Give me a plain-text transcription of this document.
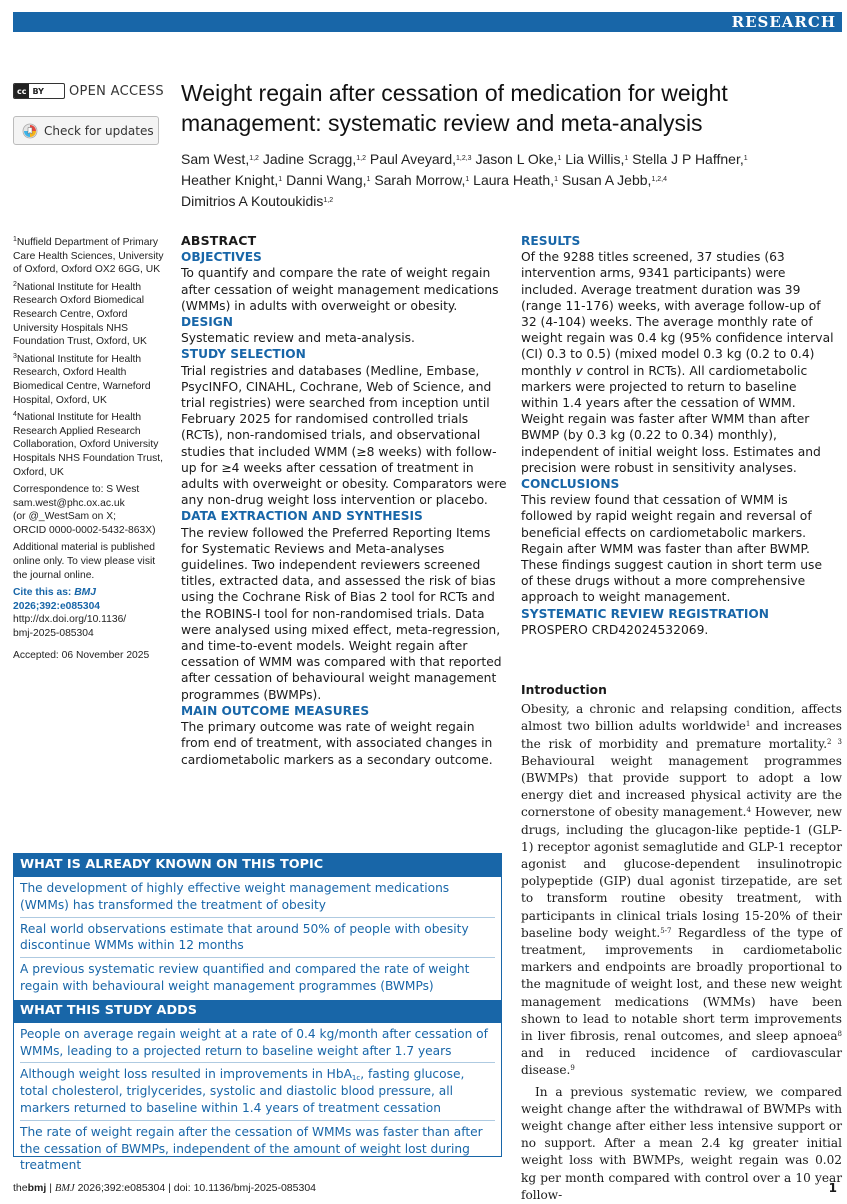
RESEARCH
cc BY OPEN ACCESS
Check for updates
Weight regain after cessation of medication for weight management: systematic review and meta-analysis
Sam West,$^{1,2}$ Jadine Scragg,$^{1,2}$ Paul Aveyard,$^{1,2,3}$ Jason L Oke,$^1$ Lia Willis,$^1$ Stella J P Haffner,$^1$
Heather Knight,$^1$ Danni Wang,$^1$ Sarah Morrow,$^1$ Laura Heath,$^1$ Susan A Jebb,$^{1,2,4}$
Dimitrios A Koutoukidis$^{1,2}$

$^1$Nuffield Department of Primary Care Health Sciences, University of Oxford, Oxford OX2 6GG, UK

$^2$National Institute for Health Research Oxford Biomedical Research Centre, Oxford University Hospitals NHS Foundation Trust, Oxford, UK

$^3$National Institute for Health Research, Oxford Health Biomedical Centre, Warneford Hospital, Oxford, UK

$^4$National Institute for Health Research Applied Research Collaboration, Oxford University Hospitals NHS Foundation Trust, Oxford, UK

Correspondence to: S West
sam.west@phc.ox.ac.uk
(or @_WestSam on X;
ORCID 0000-0002-5432-863X)

Additional material is published online only. To view please visit the journal online.

Cite this as: BMJ 2026;392:e085304
http://dx.doi.org/10.1136/
bmj-2025-085304

Accepted: 06 November 2025

ABSTRACT

OBJECTIVES

To quantify and compare the rate of weight regain after cessation of weight management medications (WMMs) in adults with overweight or obesity.

DESIGN

Systematic review and meta-analysis.

STUDY SELECTION

Trial registries and databases (Medline, Embase, PsycINFO, CINAHL, Cochrane, Web of Science, and trial registries) were searched from inception until February 2025 for randomised controlled trials (RCTs), non-randomised trials, and observational studies that included WMM (≥8 weeks) with follow-up for ≥4 weeks after cessation of treatment in adults with overweight or obesity. Comparators were any non-drug weight loss intervention or placebo.

DATA EXTRACTION AND SYNTHESIS

The review followed the Preferred Reporting Items for Systematic Reviews and Meta-analyses guidelines. Two independent reviewers screened titles, extracted data, and assessed the risk of bias using the Cochrane Risk of Bias 2 tool for RCTs and the ROBINS-I tool for non-randomised trials. Data were analysed using mixed effect, meta-regression, and time-to-event models. Weight regain after cessation of WMM was compared with that reported after cessation of behavioural weight management programmes (BWMPs).

MAIN OUTCOME MEASURES

The primary outcome was rate of weight regain from end of treatment, with associated changes in cardiometabolic markers as a secondary outcome.

RESULTS

Of the 9288 titles screened, 37 studies (63 intervention arms, 9341 participants) were included. Average treatment duration was 39 (range 11-176) weeks, with average follow-up of 32 (4-104) weeks. The average monthly rate of weight regain was 0.4 kg (95% confidence interval (CI) 0.3 to 0.5) (mixed model 0.3 kg (0.2 to 0.4) monthly v control in RCTs). All cardiometabolic markers were projected to return to baseline within 1.4 years after the cessation of WMM. Weight regain was faster after WMM than after BWMP (by 0.3 kg (0.22 to 0.34) monthly), independent of initial weight loss. Estimates and precision were robust in sensitivity analyses.

CONCLUSIONS

This review found that cessation of WMM is followed by rapid weight regain and reversal of beneficial effects on cardiometabolic markers. Regain after WMM was faster than after BWMP. These findings suggest caution in short term use of these drugs without a more comprehensive approach to weight management.

SYSTEMATIC REVIEW REGISTRATION

PROSPERO CRD42024532069.

WHAT IS ALREADY KNOWN ON THIS TOPIC
The development of highly effective weight management medications (WMMs) has transformed the treatment of obesity
Real world observations estimate that around 50% of people with obesity discontinue WMMs within 12 months
A previous systematic review quantified and compared the rate of weight regain with behavioural weight management programmes (BWMPs)
WHAT THIS STUDY ADDS
People on average regain weight at a rate of 0.4 kg/month after cessation of WMMs, leading to a projected return to baseline weight after 1.7 years
Although weight loss resulted in improvements in HbA$_{1c}$, fasting glucose, total cholesterol, triglycerides, systolic and diastolic blood pressure, all markers returned to baseline within 1.4 years of treatment cessation
The rate of weight regain after the cessation of WMMs was faster than after the cessation of BWMPs, independent of the amount of weight lost during treatment
Introduction

Obesity, a chronic and relapsing condition, affects almost two billion adults worldwide$^1$ and increases the risk of morbidity and premature mortality.$^{2 3}$ Behavioural weight management programmes (BWMPs) that provide support to adopt a low energy diet and increased physical activity are the cornerstone of obesity management.$^4$ However, new drugs, including the glucagon-like peptide-1 (GLP-1) receptor agonist semaglutide and GLP-1 receptor agonist and glucose-dependent insulinotropic polypeptide (GIP) dual agonist tirzepatide, are set to transform routine obesity treatment, with participants in clinical trials losing 15-20% of their baseline body weight.$^{5-7}$ Regardless of the type of treatment, improvements in cardiometabolic markers and endpoints are broadly proportional to the magnitude of weight lost, and these new weight management medications (WMMs) have been shown to lead to notable short term improvements in liver fibrosis, renal outcomes, and sleep apnoea$^8$ and in reduced incidence of cardiovascular disease.$^9$

In a previous systematic review, we compared weight change after the withdrawal of BWMPs with weight change after either less intensive support or no support. After a mean 2.4 kg greater initial weight loss with BWMPs, weight regain was 0.02 kg per month compared with control over a 10 year follow-

thebmj | BMJ 2026;392:e085304 | doi: 10.1136/bmj-2025-085304	1
